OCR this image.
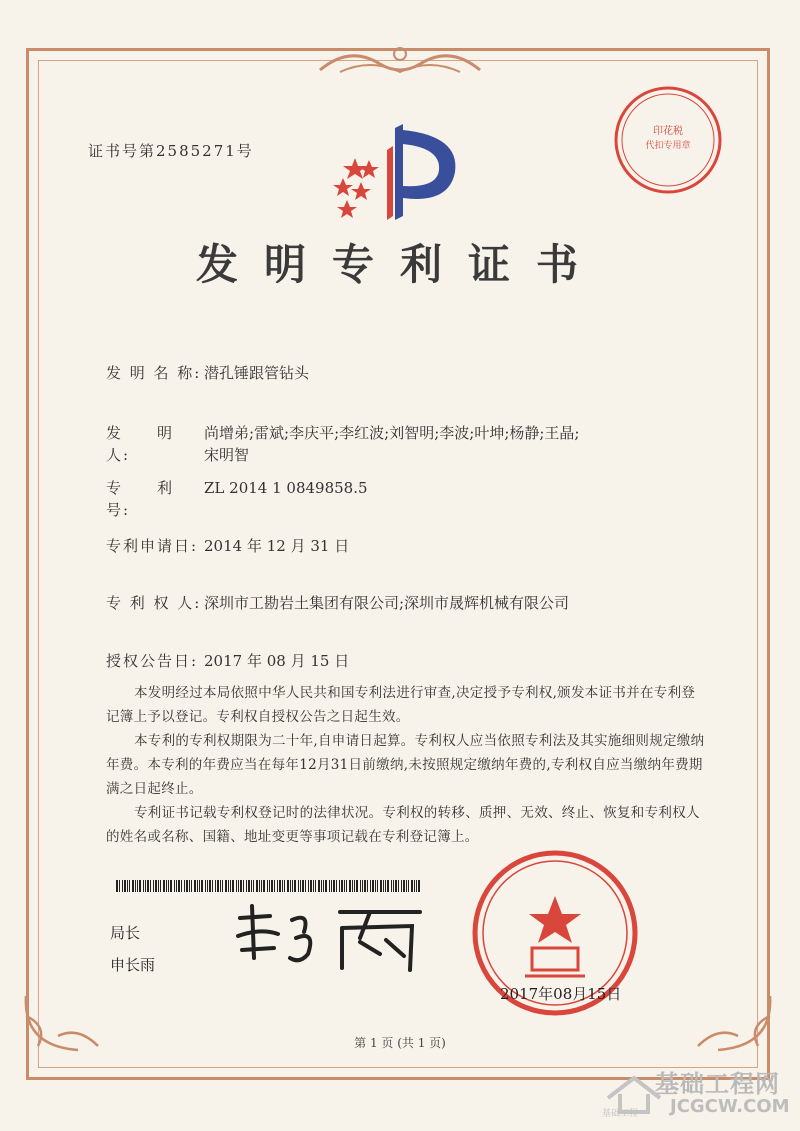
证书号第2585271号
印花税
代扣专用章
发明专利证书
发 明 名 称: 潜孔锤跟管钻头
发　　明　人:尚增弟;雷斌;李庆平;李红波;刘智明;李波;叶坤;杨静;王晶;宋明智
专　　利　号:ZL 2014 1 0849858.5
专利申请日: 2014 年 12 月 31 日
专 利 权 人: 深圳市工勘岩土集团有限公司;深圳市晟辉机械有限公司
授权公告日: 2017 年 08 月 15 日
本发明经过本局依照中华人民共和国专利法进行审查,决定授予专利权,颁发本证书并在专利登记簿上予以登记。专利权自授权公告之日起生效。
本专利的专利权期限为二十年,自申请日起算。专利权人应当依照专利法及其实施细则规定缴纳年费。本专利的年费应当在每年12月31日前缴纳,未按照规定缴纳年费的,专利权自应当缴纳年费期满之日起终止。
专利证书记载专利权登记时的法律状况。专利权的转移、质押、无效、终止、恢复和专利权人的姓名或名称、国籍、地址变更等事项记载在专利登记簿上。
局长
申长雨
2017年08月15日
第 1 页 (共 1 页)
基础工程网
基础工程 JCGCW.COM
